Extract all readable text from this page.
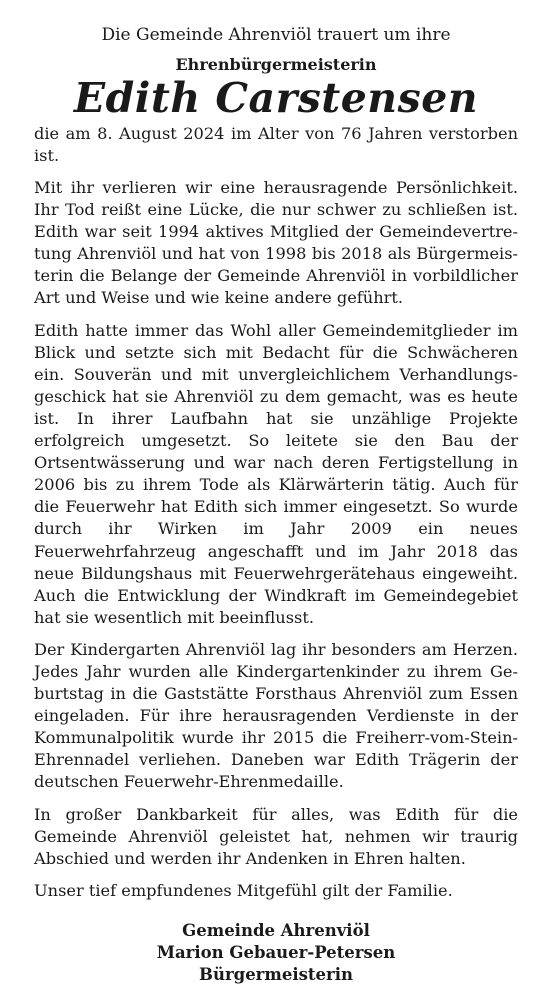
Die Gemeinde Ahrenviöl trauert um ihre

Ehrenbürgermeisterin

Edith Carstensen

die am 8. August 2024 im Alter von 76 Jahren verstorben ist.

Mit ihr verlieren wir eine herausragende Persönlichkeit. Ihr Tod reißt eine Lücke, die nur schwer zu schließen ist. Edith war seit 1994 aktives Mitglied der Gemeindevertretung Ahrenviöl und hat von 1998 bis 2018 als Bürgermeisterin die Belange der Gemeinde Ahrenviöl in vorbildlicher Art und Weise und wie keine andere geführt.

Edith hatte immer das Wohl aller Gemeindemitglieder im Blick und setzte sich mit Bedacht für die Schwächeren ein. Souverän und mit unvergleichlichem Verhandlungsgeschick hat sie Ahrenviöl zu dem gemacht, was es heute ist. In ihrer Laufbahn hat sie unzählige Projekte erfolgreich umgesetzt. So leitete sie den Bau der Ortsentwässerung und war nach deren Fertigstellung in 2006 bis zu ihrem Tode als Klärwärterin tätig. Auch für die Feuerwehr hat Edith sich immer eingesetzt. So wurde durch ihr Wirken im Jahr 2009 ein neues Feuerwehrfahrzeug angeschafft und im Jahr 2018 das neue Bildungshaus mit Feuerwehrgerätehaus eingeweiht. Auch die Entwicklung der Windkraft im Gemeindegebiet hat sie wesentlich mit beeinflusst.

Der Kindergarten Ahrenviöl lag ihr besonders am Herzen. Jedes Jahr wurden alle Kindergartenkinder zu ihrem Geburtstag in die Gaststätte Forsthaus Ahrenviöl zum Essen eingeladen. Für ihre herausragenden Verdienste in der Kommunalpolitik wurde ihr 2015 die Freiherr-vom-Stein-Ehrennadel verliehen. Daneben war Edith Trägerin der deutschen Feuerwehr-Ehrenmedaille.

In großer Dankbarkeit für alles, was Edith für die Gemeinde Ahrenviöl geleistet hat, nehmen wir traurig Abschied und werden ihr Andenken in Ehren halten.

Unser tief empfundenes Mitgefühl gilt der Familie.

Gemeinde Ahrenviöl
Marion Gebauer-Petersen
Bürgermeisterin
